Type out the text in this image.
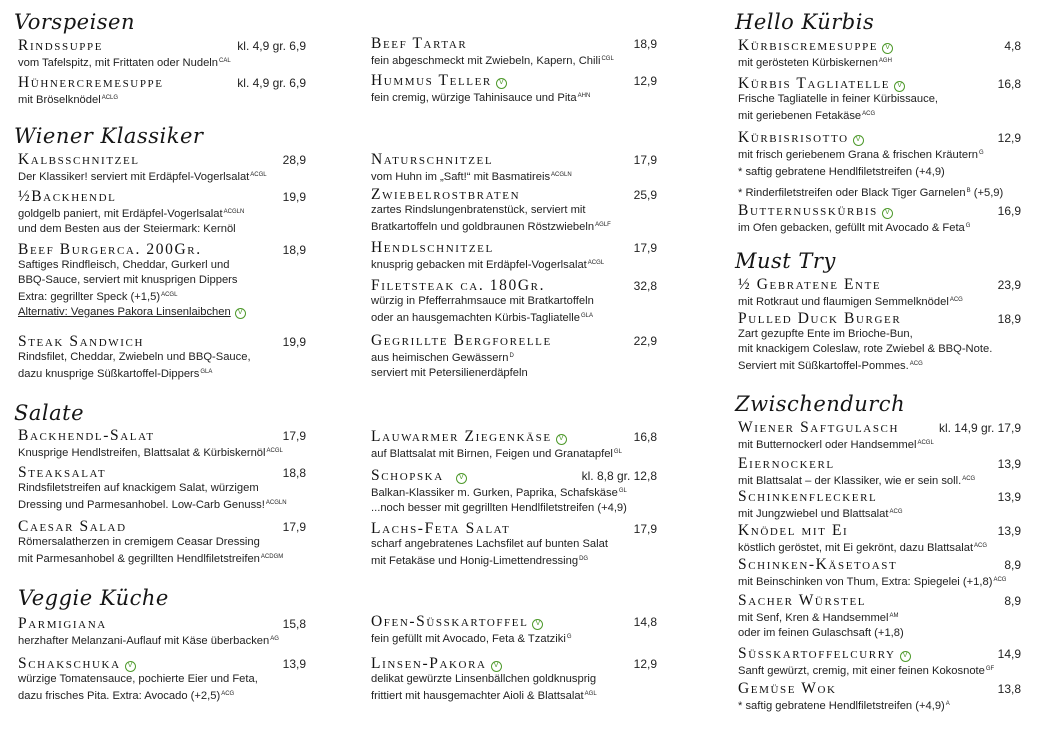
Vorspeisen
Rindssuppe	kl. 4,9 gr. 6,9
vom Tafelspitz, mit Frittaten oder Nudeln$^{CAL}$
Hühnercremesuppe	kl. 4,9 gr. 6,9
mit Bröselknödel$^{ACLG}$
Wiener Klassiker
Kalbsschnitzel	28,9
Der Klassiker! serviert mit Erdäpfel-Vogerlsalat$^{ACGL}$
½Backhendl	19,9
goldgelb paniert, mit Erdäpfel-Vogerlsalat$^{ACGLN}$
und dem Besten aus der Steiermark: Kernöl
Beef Burgerca. 200Gr.	18,9
Saftiges Rindfleisch, Cheddar, Gurkerl und
BBQ-Sauce, serviert mit knusprigen Dippers
Extra: gegrillter Speck $(+1,5)^{ACGL}$
Alternativ: Veganes Pakora Linsenlaibchen V
Steak Sandwich	19,9
Rindsfilet, Cheddar, Zwiebeln und BBQ-Sauce,
dazu knusprige Süßkartoffel-Dippers$^{GLA}$
Salate
Backhendl-Salat	17,9
Knusprige Hendlstreifen, Blattsalat & Kürbiskernöl$^{ACGL}$
Steaksalat	18,8
Rindsfiletstreifen auf knackigem Salat, würzigem
Dressing und Parmesanhobel. Low-Carb Genuss!$^{ACGLN}$
Caesar Salad	17,9
Römersalatherzen in cremigem Ceasar Dressing
mit Parmesanhobel & gegrillten Hendlfiletstreifen$^{ACDGM}$
Veggie Küche
Parmigiana	15,8
herzhafter Melanzani-Auflauf mit Käse überbacken$^{AG}$
Schakschuka V	13,9
würzige Tomatensauce, pochierte Eier und Feta,
dazu frisches Pita. Extra: Avocado $(+2,5)^{ACG}$
Beef Tartar	18,9
fein abgeschmeckt mit Zwiebeln, Kapern, Chili$^{CGL}$
Hummus Teller V	12,9
fein cremig, würzige Tahinisauce und Pita$^{AHN}$
Naturschnitzel	17,9
vom Huhn im „Saft!“ mit Basmatireis$^{ACGLN}$
Zwiebelrostbraten	25,9
zartes Rindslungenbratenstück, serviert mit
Bratkartoffeln und goldbraunen Röstzwiebeln$^{AGLF}$
Hendlschnitzel	17,9
knusprig gebacken mit Erdäpfel-Vogerlsalat$^{ACGL}$
Filetsteak ca. 180Gr.	32,8
würzig in Pfefferrahmsauce mit Bratkartoffeln
oder an hausgemachten Kürbis-Tagliatelle$^{GLA}$
Gegrillte Bergforelle	22,9
aus heimischen Gewässern$^D$
serviert mit Petersilienerdäpfeln
Lauwarmer Ziegenkäse V	16,8
auf Blattsalat mit Birnen, Feigen und Granatapfel$^{GL}$
Schopska V	kl. 8,8 gr. 12,8
Balkan-Klassiker m. Gurken, Paprika, Schafskäse$^{GL}$
...noch besser mit gegrillten Hendlfiletstreifen (+4,9)
Lachs-Feta Salat	17,9
scharf angebratenes Lachsfilet auf bunten Salat
mit Fetakäse und Honig-Limettendressing$^{DG}$
Ofen-Süsskartoffel V	14,8
fein gefüllt mit Avocado, Feta & Tzatziki$^G$
Linsen-Pakora V	12,9
delikat gewürzte Linsenbällchen goldknusprig
frittiert mit hausgemachter Aioli & Blattsalat$^{AGL}$
Hello Kürbis
Kürbiscremesuppe V	4,8
mit gerösteten Kürbiskernen$^{AGH}$
Kürbis Tagliatelle V	16,8
Frische Tagliatelle in feiner Kürbissauce,
mit geriebenen Fetakäse$^{ACG}$
Kürbisrisotto V	12,9
mit frisch geriebenem Grana & frischen Kräutern$^G$
* saftig gebratene Hendlfiletstreifen (+4,9)
* Rinderfiletstreifen oder Black Tiger Garnelen$^B$ (+5,9)
Butternusskürbis V	16,9
im Ofen gebacken, gefüllt mit Avocado & Feta$^G$
Must Try
½ Gebratene Ente	23,9
mit Rotkraut und flaumigen Semmelknödel$^{ACG}$
Pulled Duck Burger	18,9
Zart gezupfte Ente im Brioche-Bun,
mit knackigem Coleslaw, rote Zwiebel & BBQ-Note.
Serviert mit Süßkartoffel-Pommes.$^{ACG}$
Zwischendurch
Wiener Saftgulasch	kl. 14,9 gr. 17,9
mit Butternockerl oder Handsemmel$^{ACGL}$
Eiernockerl	13,9
mit Blattsalat – der Klassiker, wie er sein soll.$^{ACG}$
Schinkenfleckerl	13,9
mit Jungzwiebel und Blattsalat$^{ACG}$
Knödel mit Ei	13,9
köstlich geröstet, mit Ei gekrönt, dazu Blattsalat$^{ACG}$
Schinken-Käsetoast	8,9
mit Beinschinken von Thum, Extra: Spiegelei $(+1,8)^{ACG}$
Sacher Würstel	8,9
mit Senf, Kren & Handsemmel$^{AM}$
oder im feinen Gulaschsaft (+1,8)
Süsskartoffelcurry V	14,9
Sanft gewürzt, cremig, mit einer feinen Kokosnote$^{GF}$
Gemüse Wok	13,8
* saftig gebratene Hendlfiletstreifen $(+4,9)^A$
